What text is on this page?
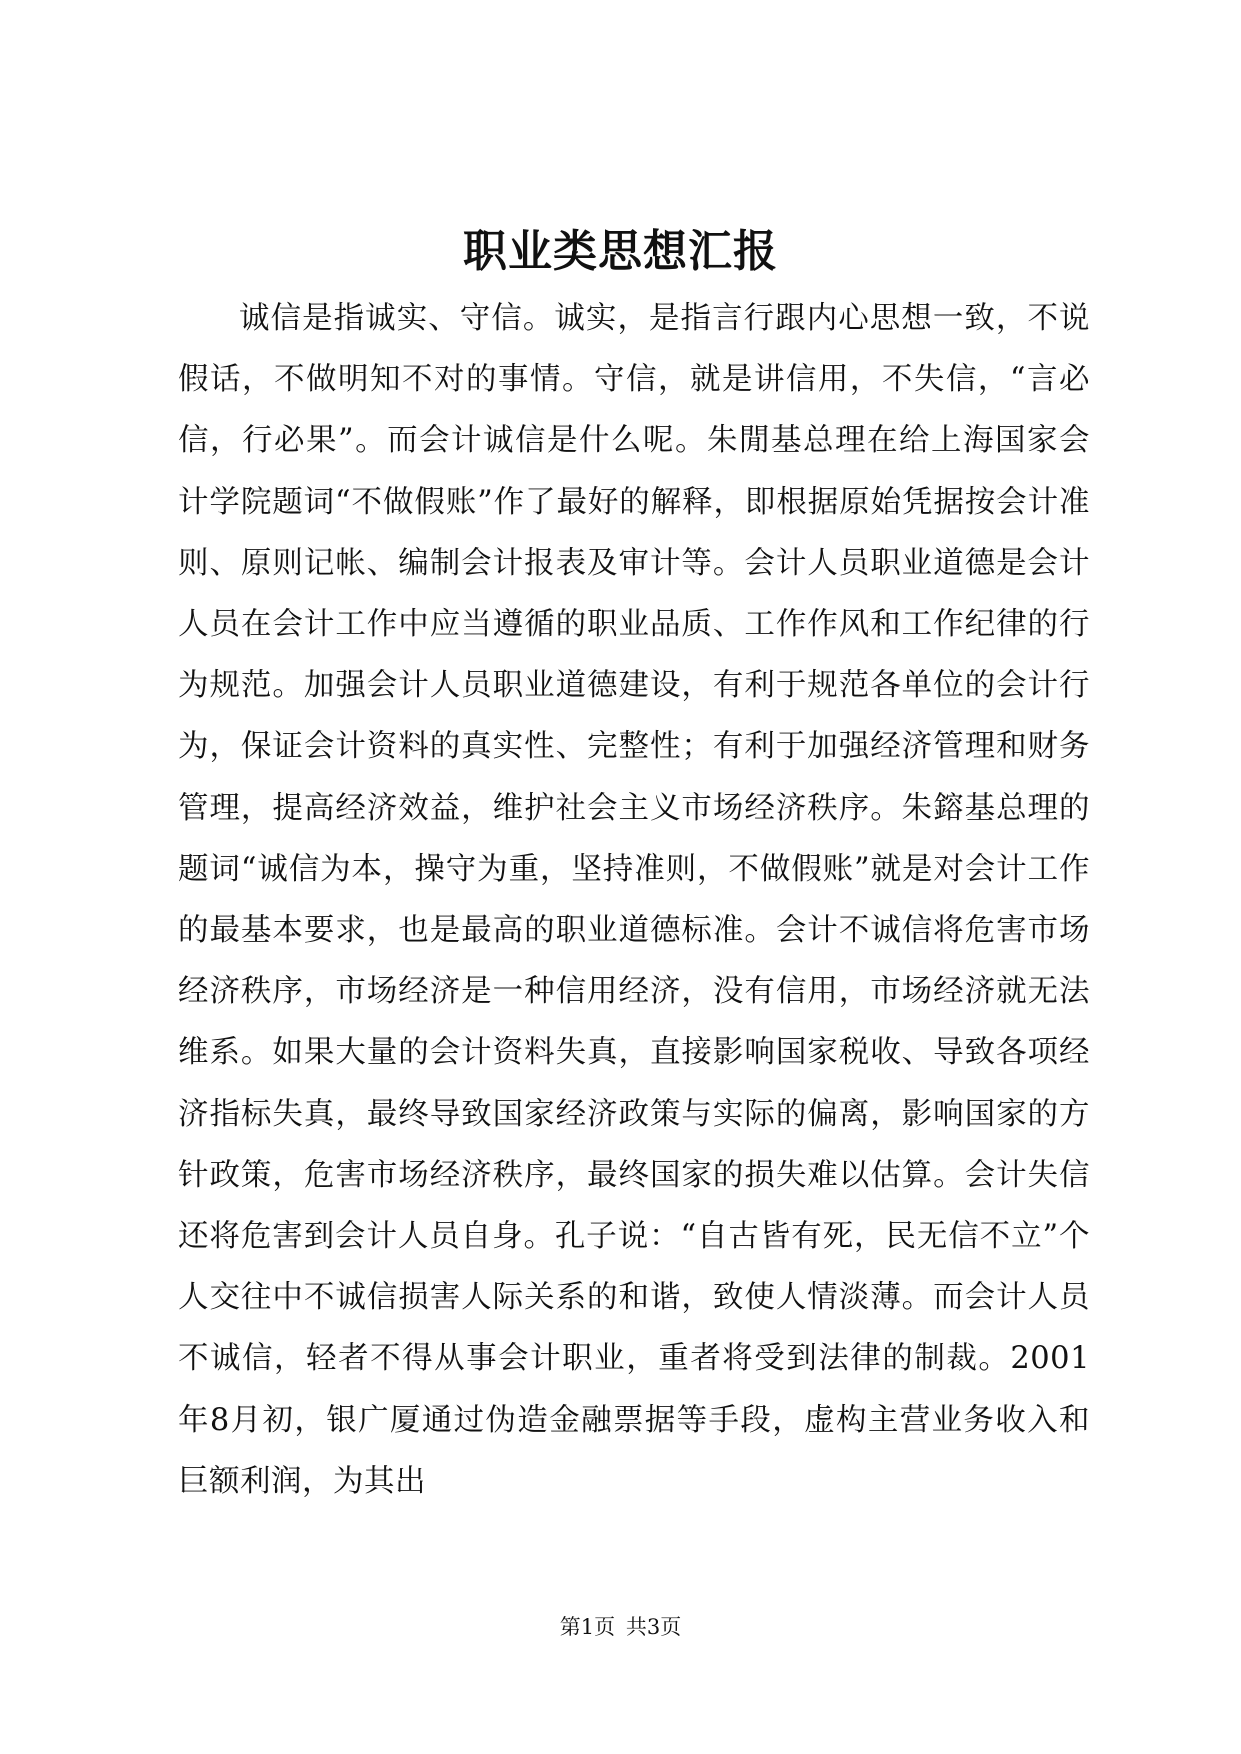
职业类思想汇报
诚信是指诚实、守信。诚实，是指言行跟内心思想一致，不说假话，不做明知不对的事情。守信，就是讲信用，不失信，“言必信，行必果”。而会计诚信是什么呢。朱閒基总理在给上海国家会计学院题词“不做假账”作了最好的解释，即根据原始凭据按会计准则、原则记帐、编制会计报表及审计等。会计人员职业道德是会计人员在会计工作中应当遵循的职业品质、工作作风和工作纪律的行为规范。加强会计人员职业道德建设，有利于规范各单位的会计行为，保证会计资料的真实性、完整性；有利于加强经济管理和财务管理，提高经济效益，维护社会主义市场经济秩序。朱鎔基总理的题词“诚信为本，操守为重，坚持准则，不做假账”就是对会计工作的最基本要求，也是最高的职业道德标准。会计不诚信将危害市场经济秩序，市场经济是一种信用经济，没有信用，市场经济就无法维系。如果大量的会计资料失真，直接影响国家税收、导致各项经济指标失真，最终导致国家经济政策与实际的偏离，影响国家的方针政策，危害市场经济秩序，最终国家的损失难以估算。会计失信还将危害到会计人员自身。孔子说：“自古皆有死，民无信不立”个人交往中不诚信损害人际关系的和谐，致使人情淡薄。而会计人员不诚信，轻者不得从事会计职业，重者将受到法律的制裁。2001年8月初，银广厦通过伪造金融票据等手段，虚构主营业务收入和巨额利润，为其出
第1页 共3页
